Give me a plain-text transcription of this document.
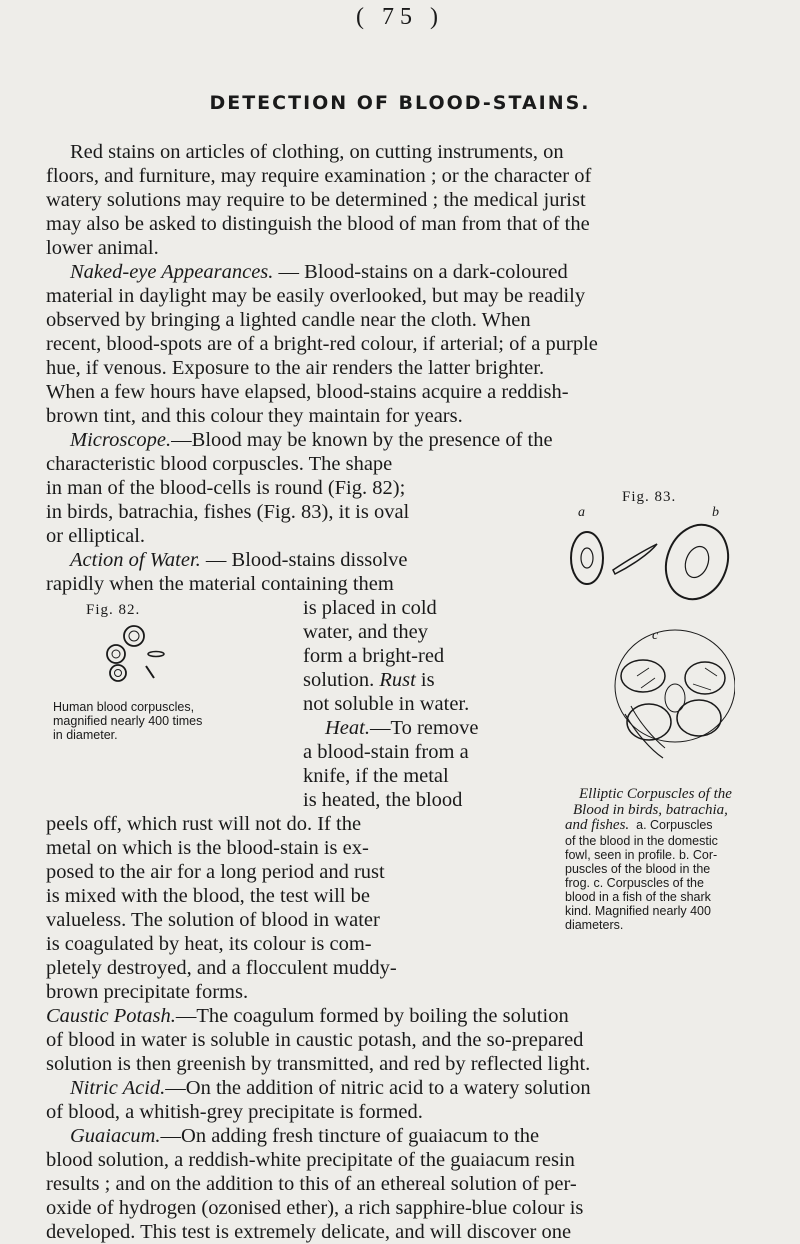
( 75 )
DETECTION OF BLOOD-STAINS.
Red stains on articles of clothing, on cutting instruments, on
floors, and furniture, may require examination ; or the character of
watery solutions may require to be determined ; the medical jurist
may also be asked to distinguish the blood of man from that of the
lower animal.
Naked-eye Appearances. — Blood-stains on a dark-coloured
material in daylight may be easily overlooked, but may be readily
observed by bringing a lighted candle near the cloth. When
recent, blood-spots are of a bright-red colour, if arterial; of a purple
hue, if venous. Exposure to the air renders the latter brighter.
When a few hours have elapsed, blood-stains acquire a reddish-
brown tint, and this colour they maintain for years.
Microscope.—Blood may be known by the presence of the
characteristic blood corpuscles. The shape
in man of the blood-cells is round (Fig. 82);
in birds, batrachia, fishes (Fig. 83), it is oval
or elliptical.
Action of Water. — Blood-stains dissolve
rapidly when the material containing them
is placed in cold
water, and they
form a bright-red
solution. Rust is
not soluble in water.
Heat.—To remove
a blood-stain from a
knife, if the metal
is heated, the blood
peels off, which rust will not do. If the
metal on which is the blood-stain is ex-
posed to the air for a long period and rust
is mixed with the blood, the test will be
valueless. The solution of blood in water
is coagulated by heat, its colour is com-
pletely destroyed, and a flocculent muddy-
brown precipitate forms.
Caustic Potash.—The coagulum formed by boiling the solution
of blood in water is soluble in caustic potash, and the so-prepared
solution is then greenish by transmitted, and red by reflected light.
Nitric Acid.—On the addition of nitric acid to a watery solution
of blood, a whitish-grey precipitate is formed.
Guaiacum.—On adding fresh tincture of guaiacum to the
blood solution, a reddish-white precipitate of the guaiacum resin
results ; and on the addition to this of an ethereal solution of per-
oxide of hydrogen (ozonised ether), a rich sapphire-blue colour is
developed. This test is extremely delicate, and will discover one
Fig. 82.
Human blood corpuscles,
magnified nearly 400 times
in diameter.
Fig. 83.
a	b
c
Elliptic Corpuscles of the
Blood in birds, batrachia,
and fishes. a. Corpuscles
of the blood in the domestic
fowl, seen in profile. b. Cor-
puscles of the blood in the
frog. c. Corpuscles of the
blood in a fish of the shark
kind. Magnified nearly 400
diameters.
